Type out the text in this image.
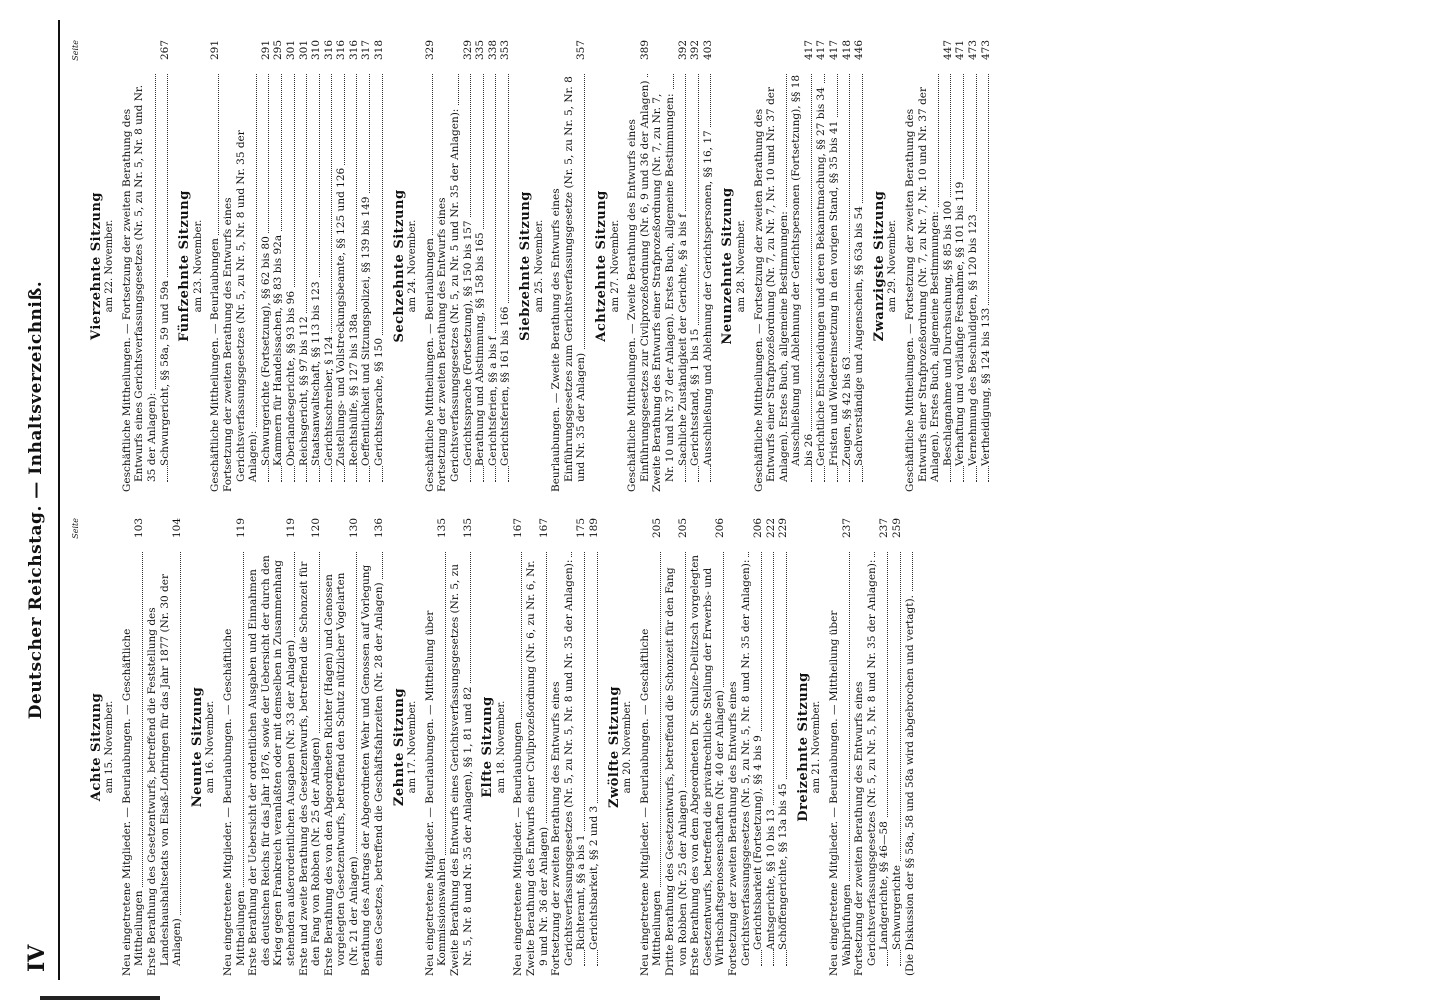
IV
Deutscher Reichstag. — Inhaltsverzeichniß.	Seite
Achte Sitzung am 15. November. Neu eingetretene Mitglieder. — Beurlaubungen. — Geschäftliche Mittheilungen
103
Erste Berathung des Gesetzentwurfs, betreffend die Feststellung des Landeshaushaltsetats von Elsaß-Lothringen für das Jahr 1877 (Nr. 30 der Anlagen)
104
Neunte Sitzung am 16. November. Neu eingetretene Mitglieder. — Beurlaubungen. — Geschäftliche Mittheilungen
119
Erste Berathung der Uebersicht der ordentlichen Ausgaben und Einnahmen des deutschen Reichs für das Jahr 1876, sowie der Uebersicht der durch den Krieg gegen Frankreich veranlaßten oder mit demselben in Zusammenhang stehenden außerordentlichen Ausgaben (Nr. 33 der Anlagen)
119
Erste und zweite Berathung des Gesetzentwurfs, betreffend die Schonzeit für den Fang von Robben (Nr. 25 der Anlagen)
120
Erste Berathung des von den Abgeordneten Richter (Hagen) und Genossen vorgelegten Gesetzentwurfs, betreffend den Schutz nützlicher Vogelarten (Nr. 21 der Anlagen)
130
Berathung des Antrags der Abgeordneten Wehr und Genossen auf Vorlegung eines Gesetzes, betreffend die Geschäftsfahrzeiten (Nr. 28 der Anlagen)
136
Zehnte Sitzung am 17. November. Neu eingetretene Mitglieder. — Beurlaubungen. — Mittheilung über Kommissionswahlen
135
Zweite Berathung des Entwurfs eines Gerichtsverfassungsgesetzes (Nr. 5, zu Nr. 5, Nr. 8 und Nr. 35 der Anlagen), §§ 1, 81 und 82
135
Elfte Sitzung am 18. November. Neu eingetretene Mitglieder. — Beurlaubungen
167
Zweite Berathung des Entwurfs einer Civilprozeßordnung (Nr. 6, zu Nr. 6, Nr. 9 und Nr. 36 der Anlagen)
167
Fortsetzung der zweiten Berathung des Entwurfs eines Gerichtsverfassungsgesetzes (Nr. 5, zu Nr. 5, Nr. 8 und Nr. 35 der Anlagen): Richteramt, §§ a bis 1
175
Gerichtsbarkeit, §§ 2 und 3
189
Zwölfte Sitzung am 20. November. Neu eingetretene Mitglieder. — Beurlaubungen. — Geschäftliche Mittheilungen
205
Dritte Berathung des Gesetzentwurfs, betreffend die Schonzeit für den Fang von Robben (Nr. 25 der Anlagen)
205
Erste Berathung des von dem Abgeordneten Dr. Schulze-Delitzsch vorgelegten Gesetzentwurfs, betreffend die privatrechtliche Stellung der Erwerbs- und Wirthschaftsgenossenschaften (Nr. 40 der Anlagen)
206
Fortsetzung der zweiten Berathung des Entwurfs eines Gerichtsverfassungsgesetzes (Nr. 5, zu Nr. 5, Nr. 8 und Nr. 35 der Anlagen): Gerichtsbarkeit (Fortsetzung), §§ 4 bis 9
206
Amtsgerichte, §§ 10 bis 13
222
Schöffengerichte, §§ 13a bis 45
229
Dreizehnte Sitzung am 21. November. Neu eingetretene Mitglieder. — Beurlaubungen. — Mittheilung über Wahlprüfungen
237
Fortsetzung der zweiten Berathung des Entwurfs eines Gerichtsverfassungsgesetzes (Nr. 5, zu Nr. 5, Nr. 8 und Nr. 35 der Anlagen): Landgerichte, §§ 46—58
237
Schwurgerichte
259
(Die Diskussion der §§ 58a, 58 und 58a wird abgebrochen und vertagt).
Seite
Vierzehnte Sitzung am 22. November. Geschäftliche Mittheilungen. — Fortsetzung der zweiten Berathung des Entwurfs eines Gerichtsverfassungsgesetzes (Nr. 5, zu Nr. 5, Nr. 8 und Nr. 35 der Anlagen): Schwurgericht, §§ 58a, 59 und 59a
267
Fünfzehnte Sitzung am 23. November. Geschäftliche Mittheilungen. — Beurlaubungen
291
Fortsetzung der zweiten Berathung des Entwurfs eines Gerichtsverfassungsgesetzes (Nr. 5, zu Nr. 5, Nr. 8 und Nr. 35 der Anlagen): Schwurgerichte (Fortsetzung), §§ 62 bis 80
291
Kammern für Handelssachen, §§ 83 bis 92a
295
Oberlandesgerichte, §§ 93 bis 96
301
Reichsgericht, §§ 97 bis 112
301
Staatsanwaltschaft, §§ 113 bis 123
310
Gerichtsschreiber, § 124
316
Zustellungs- und Vollstreckungsbeamte, §§ 125 und 126
316
Rechtshülfe, §§ 127 bis 138a
316
Oeffentlichkeit und Sitzungspolizei, §§ 139 bis 149
317
Gerichtssprache, §§ 150
318
Sechzehnte Sitzung am 24. November. Geschäftliche Mittheilungen. — Beurlaubungen
329
Fortsetzung der zweiten Berathung des Entwurfs eines Gerichtsverfassungsgesetzes (Nr. 5, zu Nr. 5 und Nr. 35 der Anlagen): Gerichtssprache (Fortsetzung), §§ 150 bis 157
329
Berathung und Abstimmung, §§ 158 bis 165
335
Gerichtsferien, §§ a bis f
338
Gerichtsferien, §§ 161 bis 166
353
Siebzehnte Sitzung am 25. November. Beurlaubungen. — Zweite Berathung des Entwurfs eines Einführungsgesetzes zum Gerichtsverfassungsgesetze (Nr. 5, zu Nr. 5, Nr. 8 und Nr. 35 der Anlagen)
357
Achtzehnte Sitzung am 27. November. Geschäftliche Mittheilungen. — Zweite Berathung des Entwurfs eines Einführungsgesetzes zur Civilprozeßordnung (Nr. 6, 9 und 36 der Anlagen)
389
Zweite Berathung des Entwurfs einer Strafprozeßordnung (Nr. 7, zu Nr. 7, Nr. 10 und Nr. 37 der Anlagen). Erstes Buch, allgemeine Bestimmungen: Sachliche Zuständigkeit der Gerichte, §§ a bis f
392
Gerichtsstand, §§ 1 bis 15
392
Ausschließung und Ablehnung der Gerichtspersonen, §§ 16, 17
403
Neunzehnte Sitzung am 28. November. Geschäftliche Mittheilungen. — Fortsetzung der zweiten Berathung des Entwurfs einer Strafprozeßordnung (Nr. 7, zu Nr. 7, Nr. 10 und Nr. 37 der Anlagen). Erstes Buch, allgemeine Bestimmungen: Ausschließung und Ablehnung der Gerichtspersonen (Fortsetzung), §§ 18 bis 26
417
Gerichtliche Entscheidungen und deren Bekanntmachung, §§ 27 bis 34
417
Fristen und Wiedereinsetzung in den vorigen Stand, §§ 35 bis 41
417
Zeugen, §§ 42 bis 63
418
Sachverständige und Augenschein, §§ 63a bis 54
446
Zwanzigste Sitzung am 29. November. Geschäftliche Mittheilungen. — Fortsetzung der zweiten Berathung des Entwurfs einer Strafprozeßordnung (Nr. 7, zu Nr. 7, Nr. 10 und Nr. 37 der Anlagen). Erstes Buch, allgemeine Bestimmungen: Beschlagnahme und Durchsuchung, §§ 85 bis 100
447
Verhaftung und vorläufige Festnahme, §§ 101 bis 119
471
Vernehmung des Beschuldigten, §§ 120 bis 123
473
Vertheidigung, §§ 124 bis 133
473
